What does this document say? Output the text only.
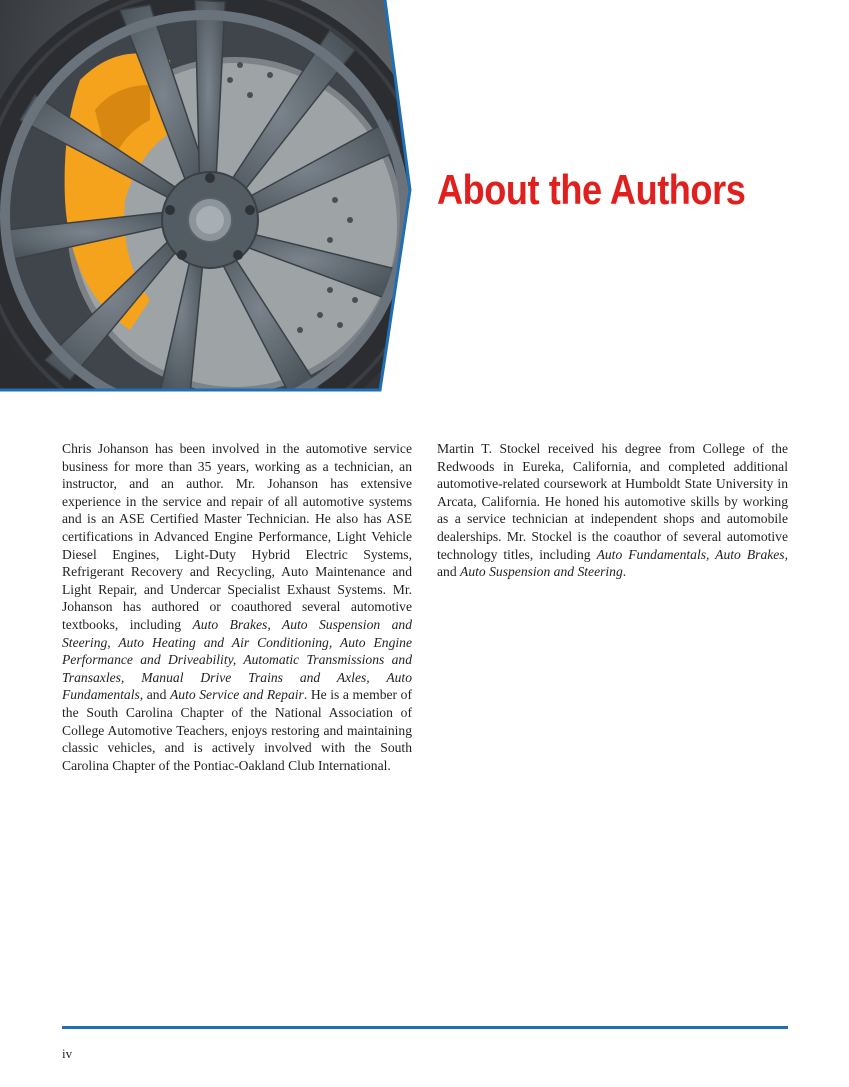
About the Authors

Chris Johanson has been involved in the automotive service business for more than 35 years, working as a technician, an instructor, and an author. Mr. Johanson has extensive experience in the service and repair of all automotive systems and is an ASE Certified Master Technician. He also has ASE certifications in Advanced Engine Performance, Light Vehicle Diesel Engines, Light-Duty Hybrid Electric Systems, Refrigerant Recovery and Recycling, Auto Maintenance and Light Repair, and Undercar Specialist Exhaust Systems. Mr. Johanson has authored or coauthored several automotive textbooks, including Auto Brakes, Auto Suspension and Steering, Auto Heating and Air Conditioning, Auto Engine Performance and Driveability, Automatic Transmissions and Transaxles, Manual Drive Trains and Axles, Auto Fundamentals, and Auto Service and Repair. He is a member of the South Carolina Chapter of the National Association of College Automotive Teachers, enjoys restoring and maintaining classic vehicles, and is actively involved with the South Carolina Chapter of the Pontiac-Oakland Club International.

Martin T. Stockel received his degree from College of the Redwoods in Eureka, California, and completed additional automotive-related coursework at Humboldt State University in Arcata, California. He honed his automotive skills by working as a service technician at independent shops and automobile dealerships. Mr. Stockel is the coauthor of several automotive technology titles, including Auto Fundamentals, Auto Brakes, and Auto Suspension and Steering.

iv
